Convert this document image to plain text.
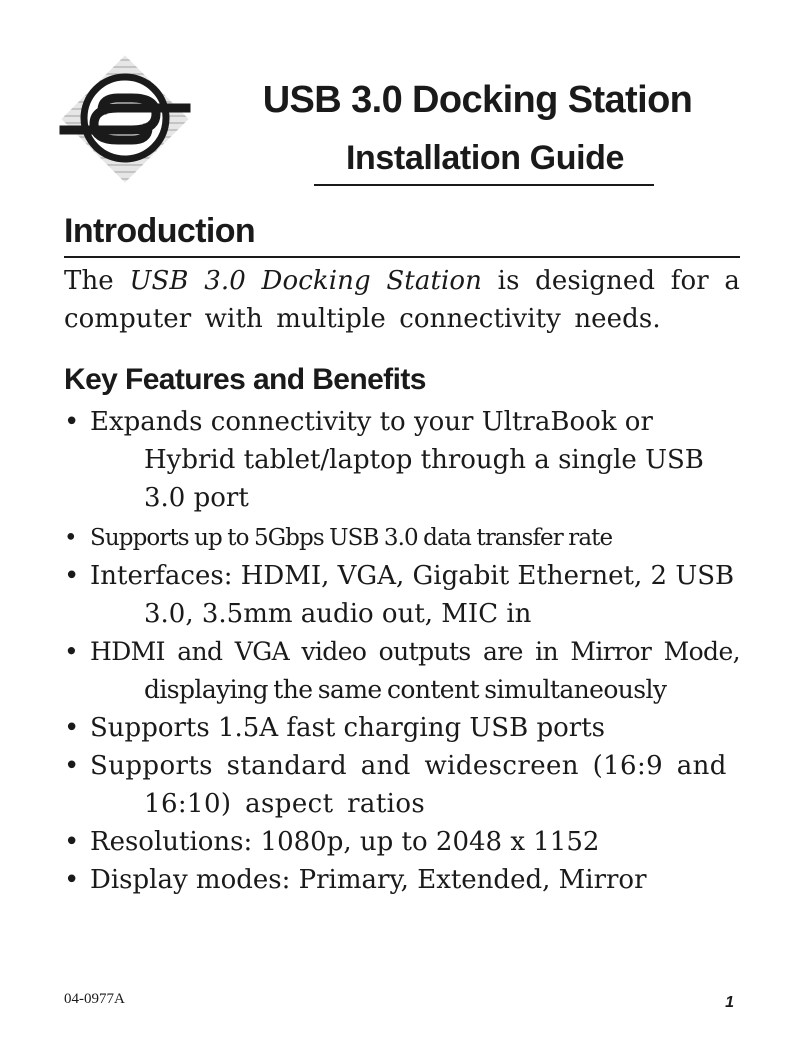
USB 3.0 Docking Station
Installation Guide
Introduction

The USB 3.0 Docking Station is designed for a computer with multiple connectivity needs.

Key Features and Benefits
• Expands connectivity to your UltraBook or Hybrid tablet/laptop through a single USB 3.0 port
• Supports up to 5Gbps USB 3.0 data transfer rate
• Interfaces: HDMI, VGA, Gigabit Ethernet, 2 USB 3.0, 3.5mm audio out, MIC in
• HDMI and VGA video outputs are in Mirror Mode, displaying the same content simultaneously
• Supports 1.5A fast charging USB ports
• Supports standard and widescreen (16:9 and 16:10) aspect ratios
• Resolutions: 1080p, up to 2048 x 1152
• Display modes: Primary, Extended, Mirror

04-0977A	1
